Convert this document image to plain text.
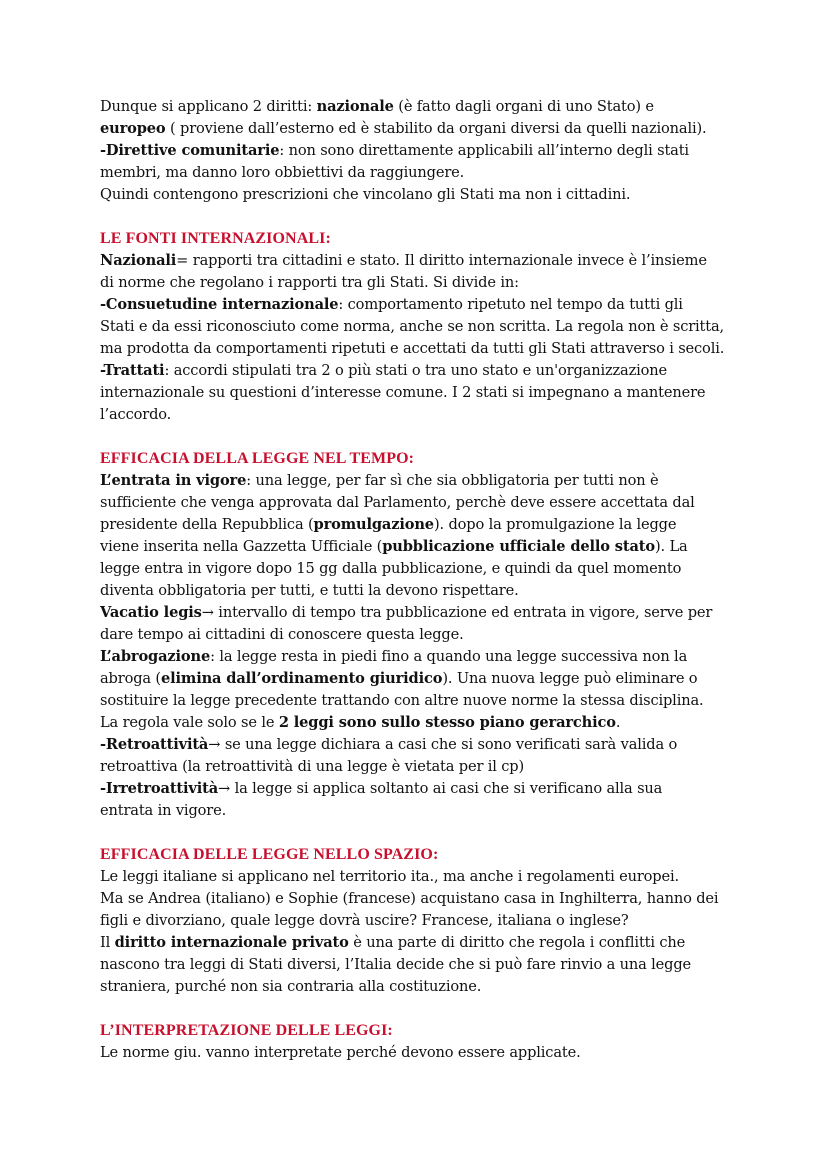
Dunque si applicano 2 diritti: nazionale (è fatto dagli organi di uno Stato) e

europeo ( proviene dall’esterno ed è stabilito da organi diversi da quelli nazionali).

-Direttive comunitarie: non sono direttamente applicabili all’interno degli stati

membri, ma danno loro obbiettivi da raggiungere.

Quindi contengono prescrizioni che vincolano gli Stati ma non i cittadini.

LE FONTI INTERNAZIONALI:

Nazionali= rapporti tra cittadini e stato. Il diritto internazionale invece è l’insieme

di norme che regolano i rapporti tra gli Stati. Si divide in:

-Consuetudine internazionale: comportamento ripetuto nel tempo da tutti gli

Stati e da essi riconosciuto come norma, anche se non scritta. La regola non è scritta,

ma prodotta da comportamenti ripetuti e accettati da tutti gli Stati attraverso i secoli.

-Trattati: accordi stipulati tra 2 o più stati o tra uno stato e un'organizzazione

internazionale su questioni d’interesse comune. I 2 stati si impegnano a mantenere

l’accordo.

EFFICACIA DELLA LEGGE NEL TEMPO:

L’entrata in vigore: una legge, per far sì che sia obbligatoria per tutti non è

sufficiente che venga approvata dal Parlamento, perchè deve essere accettata dal

presidente della Repubblica (promulgazione). dopo la promulgazione la legge

viene inserita nella Gazzetta Ufficiale (pubblicazione ufficiale dello stato). La

legge entra in vigore dopo 15 gg dalla pubblicazione, e quindi da quel momento

diventa obbligatoria per tutti, e tutti la devono rispettare.

Vacatio legis→ intervallo di tempo tra pubblicazione ed entrata in vigore, serve per

dare tempo ai cittadini di conoscere questa legge.

L’abrogazione: la legge resta in piedi fino a quando una legge successiva non la

abroga (elimina dall’ordinamento giuridico). Una nuova legge può eliminare o

sostituire la legge precedente trattando con altre nuove norme la stessa disciplina.

La regola vale solo se le 2 leggi sono sullo stesso piano gerarchico.

-Retroattività→ se una legge dichiara a casi che si sono verificati sarà valida o

retroattiva (la retroattività di una legge è vietata per il cp)

-Irretroattività→ la legge si applica soltanto ai casi che si verificano alla sua

entrata in vigore.

EFFICACIA DELLE LEGGE NELLO SPAZIO:

Le leggi italiane si applicano nel territorio ita., ma anche i regolamenti europei.

Ma se Andrea (italiano) e Sophie (francese) acquistano casa in Inghilterra, hanno dei

figli e divorziano, quale legge dovrà uscire? Francese, italiana o inglese?

Il diritto internazionale privato è una parte di diritto che regola i conflitti che

nascono tra leggi di Stati diversi, l’Italia decide che si può fare rinvio a una legge

straniera, purché non sia contraria alla costituzione.

L’INTERPRETAZIONE DELLE LEGGI:

Le norme giu. vanno interpretate perché devono essere applicate.
